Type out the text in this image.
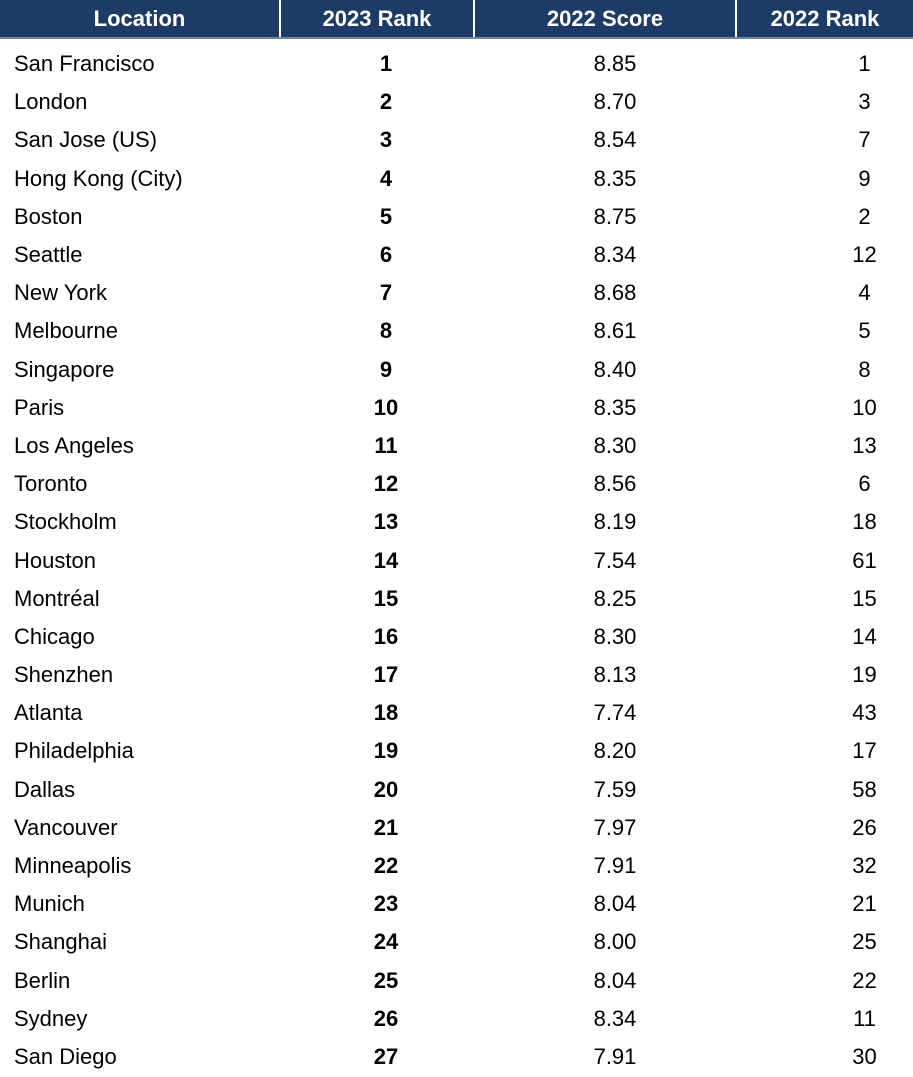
Location	2023 Rank	2022 Score	2022 Rank
San Francisco	1	8.85	1
London	2	8.70	3
San Jose (US)	3	8.54	7
Hong Kong (City)	4	8.35	9
Boston	5	8.75	2
Seattle	6	8.34	12
New York	7	8.68	4
Melbourne	8	8.61	5
Singapore	9	8.40	8
Paris	10	8.35	10
Los Angeles	11	8.30	13
Toronto	12	8.56	6
Stockholm	13	8.19	18
Houston	14	7.54	61
Montréal	15	8.25	15
Chicago	16	8.30	14
Shenzhen	17	8.13	19
Atlanta	18	7.74	43
Philadelphia	19	8.20	17
Dallas	20	7.59	58
Vancouver	21	7.97	26
Minneapolis	22	7.91	32
Munich	23	8.04	21
Shanghai	24	8.00	25
Berlin	25	8.04	22
Sydney	26	8.34	11
San Diego	27	7.91	30
